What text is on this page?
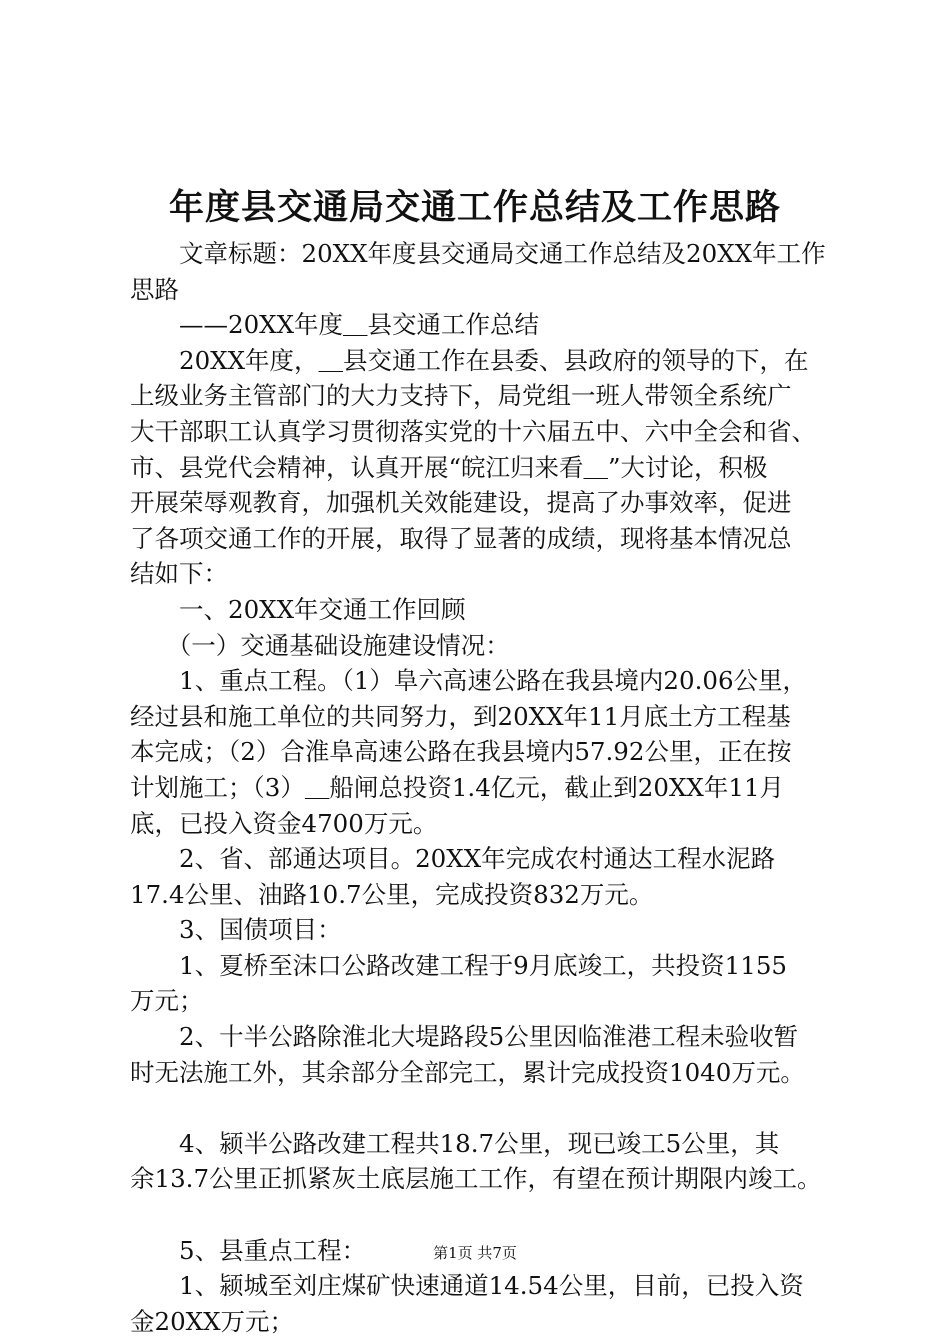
年度县交通局交通工作总结及工作思路
　　文章标题：20XX年度县交通局交通工作总结及20XX年工作
思路
　　——20XX年度＿县交通工作总结
　　20XX年度，＿县交通工作在县委、县政府的领导的下，在
上级业务主管部门的大力支持下，局党组一班人带领全系统广
大干部职工认真学习贯彻落实党的十六届五中、六中全会和省、
市、县党代会精神，认真开展“皖江归来看＿”大讨论，积极
开展荣辱观教育，加强机关效能建设，提高了办事效率，促进
了各项交通工作的开展，取得了显著的成绩，现将基本情况总
结如下：
　　一、20XX年交通工作回顾
　　（一）交通基础设施建设情况：
　　1、重点工程。（1）阜六高速公路在我县境内20.06公里，
经过县和施工单位的共同努力，到20XX年11月底土方工程基
本完成；（2）合淮阜高速公路在我县境内57.92公里，正在按
计划施工；（3）＿船闸总投资1.4亿元，截止到20XX年11月
底，已投入资金4700万元。
　　2、省、部通达项目。20XX年完成农村通达工程水泥路
17.4公里、油路10.7公里，完成投资832万元。
　　3、国债项目：
　　1、夏桥至沫口公路改建工程于9月底竣工，共投资1155
万元；
　　2、十半公路除淮北大堤路段5公里因临淮港工程未验收暂
时无法施工外，其余部分全部完工，累计完成投资1040万元。
　　4、颍半公路改建工程共18.7公里，现已竣工5公里，其
余13.7公里正抓紧灰土底层施工工作，有望在预计期限内竣工。
　　5、县重点工程：
　　1、颍城至刘庄煤矿快速通道14.54公里，目前，已投入资
金20XX万元；
第1页 共7页
